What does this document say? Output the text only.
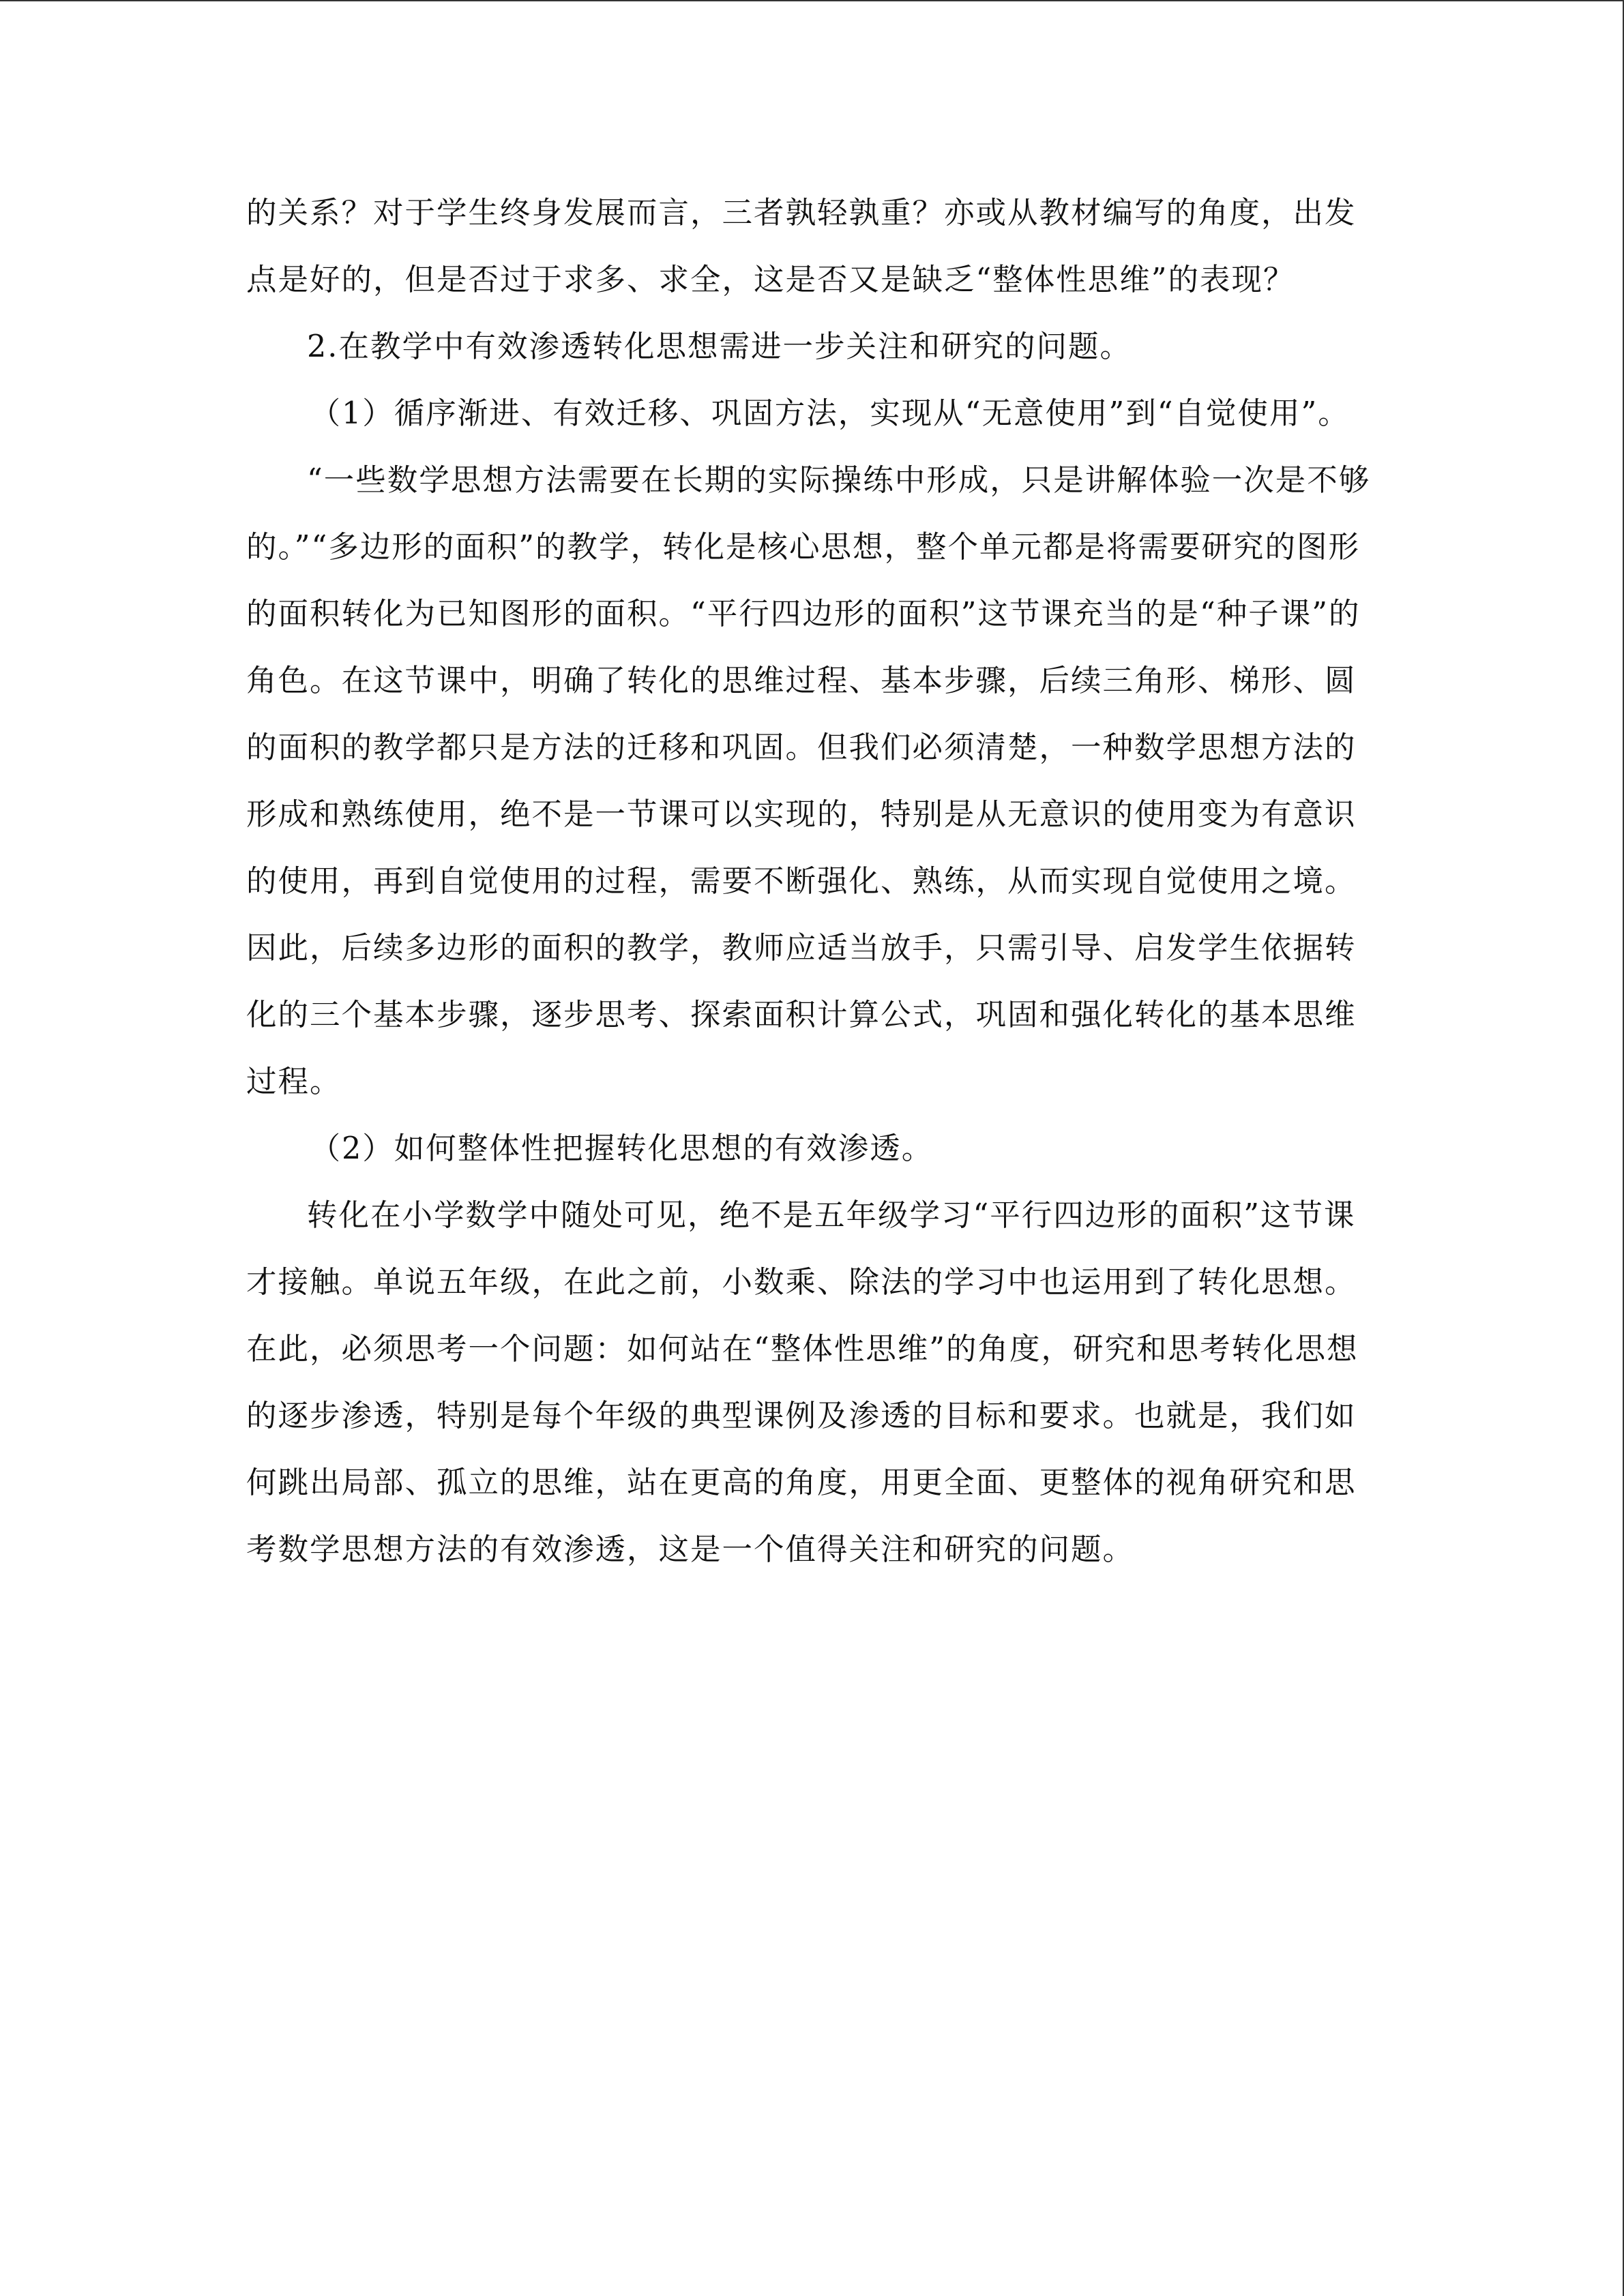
的关系？对于学生终身发展而言，三者孰轻孰重？亦或从教材编写的角度，出发点是好的，但是否过于求多、求全，这是否又是缺乏“整体性思维”的表现？

2.在教学中有效渗透转化思想需进一步关注和研究的问题。

（1）循序渐进、有效迁移、巩固方法，实现从“无意使用”到“自觉使用”。

“一些数学思想方法需要在长期的实际操练中形成，只是讲解体验一次是不够的。”“多边形的面积”的教学，转化是核心思想，整个单元都是将需要研究的图形的面积转化为已知图形的面积。“平行四边形的面积”这节课充当的是“种子课”的角色。在这节课中，明确了转化的思维过程、基本步骤，后续三角形、梯形、圆的面积的教学都只是方法的迁移和巩固。但我们必须清楚，一种数学思想方法的形成和熟练使用，绝不是一节课可以实现的，特别是从无意识的使用变为有意识的使用，再到自觉使用的过程，需要不断强化、熟练，从而实现自觉使用之境。因此，后续多边形的面积的教学，教师应适当放手，只需引导、启发学生依据转化的三个基本步骤，逐步思考、探索面积计算公式，巩固和强化转化的基本思维过程。

（2）如何整体性把握转化思想的有效渗透。

转化在小学数学中随处可见，绝不是五年级学习“平行四边形的面积”这节课才接触。单说五年级，在此之前，小数乘、除法的学习中也运用到了转化思想。在此，必须思考一个问题：如何站在“整体性思维”的角度，研究和思考转化思想的逐步渗透，特别是每个年级的典型课例及渗透的目标和要求。也就是，我们如何跳出局部、孤立的思维，站在更高的角度，用更全面、更整体的视角研究和思考数学思想方法的有效渗透，这是一个值得关注和研究的问题。
